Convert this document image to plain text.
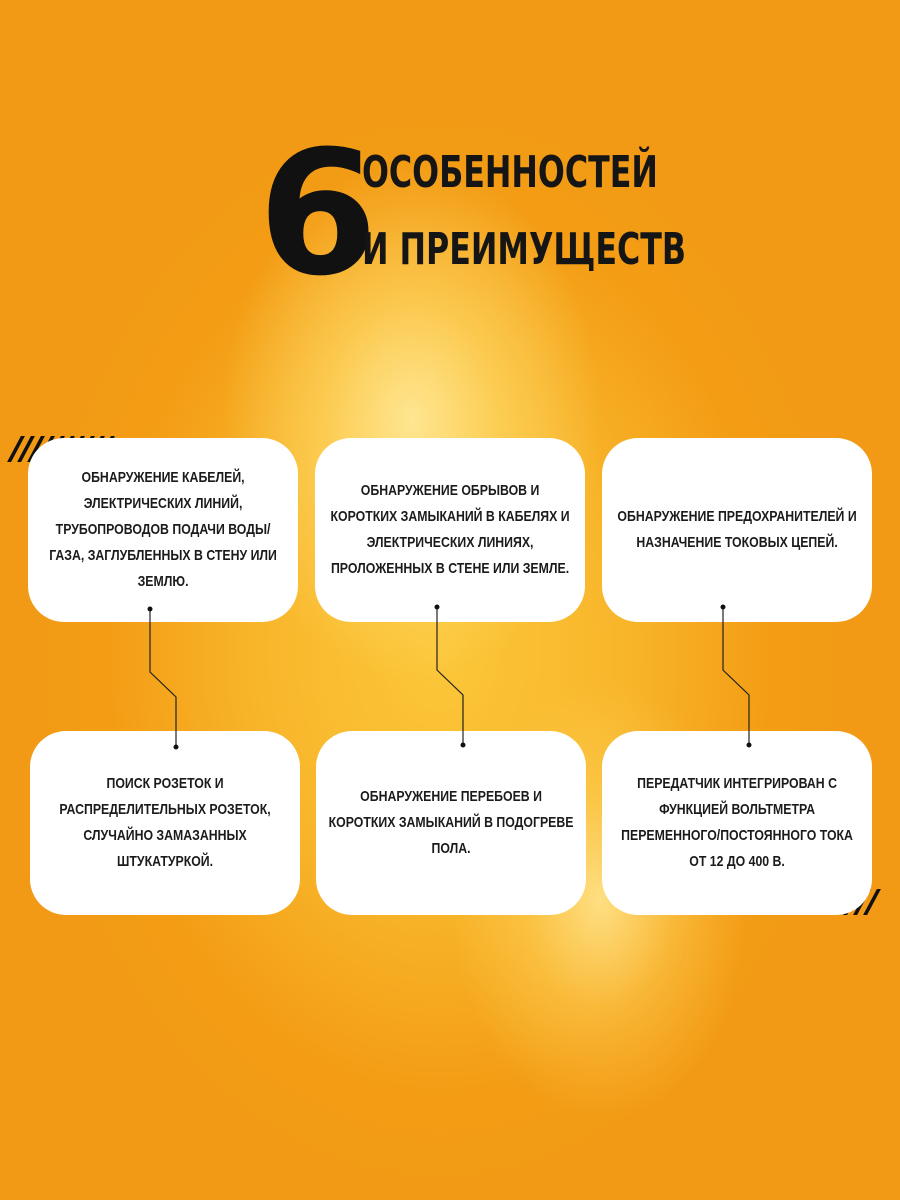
6
ОСОБЕННОСТЕЙ
И ПРЕИМУЩЕСТВ
ОБНАРУЖЕНИЕ КАБЕЛЕЙ, ЭЛЕКТРИЧЕСКИХ ЛИНИЙ, ТРУБОПРОВОДОВ ПОДАЧИ ВОДЫ/ГАЗА, ЗАГЛУБЛЕННЫХ В СТЕНУ ИЛИ ЗЕМЛЮ.
ОБНАРУЖЕНИЕ ОБРЫВОВ И КОРОТКИХ ЗАМЫКАНИЙ В КАБЕЛЯХ И ЭЛЕКТРИЧЕСКИХ ЛИНИЯХ, ПРОЛОЖЕННЫХ В СТЕНЕ ИЛИ ЗЕМЛЕ.
ОБНАРУЖЕНИЕ ПРЕДОХРАНИТЕЛЕЙ И НАЗНАЧЕНИЕ ТОКОВЫХ ЦЕПЕЙ.
ПОИСК РОЗЕТОК И РАСПРЕДЕЛИТЕЛЬНЫХ РОЗЕТОК, СЛУЧАЙНО ЗАМАЗАННЫХ ШТУКАТУРКОЙ.
ОБНАРУЖЕНИЕ ПЕРЕБОЕВ И КОРОТКИХ ЗАМЫКАНИЙ В ПОДОГРЕВЕ ПОЛА.
ПЕРЕДАТЧИК ИНТЕГРИРОВАН С ФУНКЦИЕЙ ВОЛЬТМЕТРА ПЕРЕМЕННОГО/ПОСТОЯННОГО ТОКА ОТ 12 ДО 400 В.
